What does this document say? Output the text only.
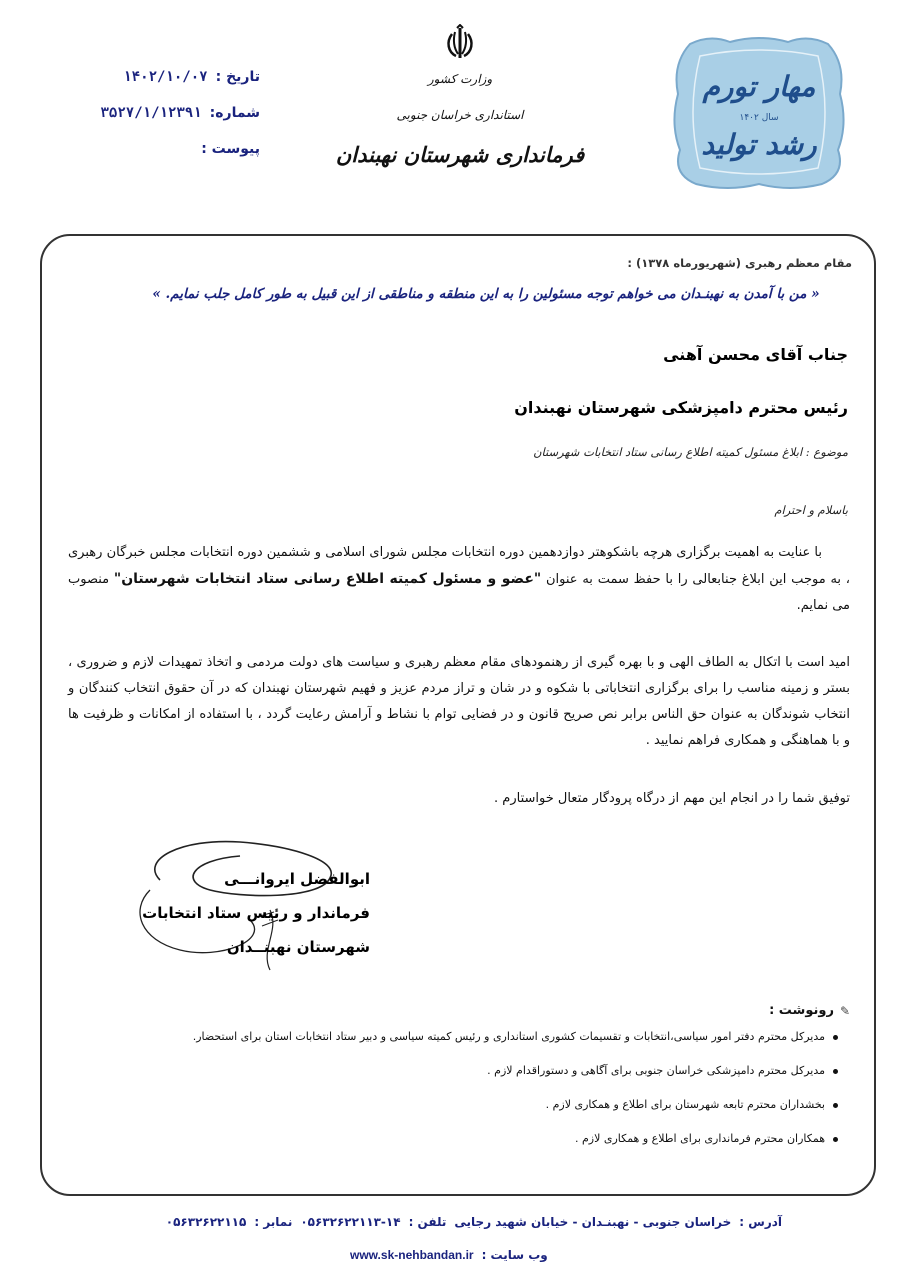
تاریخ :
۱۴۰۲/۱۰/۰۷
شماره:
۳۵۲۷/۱/۱۲۳۹۱
پیوست :
وزارت کشور
استانداری خراسان جنوبی
فرمانداری شهرستان نهبندان
مهار تورم
سال ۱۴۰۲
رشد تولید
مقام معظم رهبری (شهریورماه ۱۳۷۸) :
« من با آمدن به نهبنـدان می خواهم توجه مسئولین را به این منطقه و مناطقی از این قبیل به طور کامل جلب نمایم. »
جناب آقای محسن آهنی
رئیس محترم دامپزشکی شهرستان نهبندان
موضوع : ابلاغ مسئول کمیته اطلاع رسانی ستاد انتخابات شهرستان
باسلام و احترام
با عنایت به اهمیت برگزاری هرچه باشکوهتر دوازدهمین دوره انتخابات مجلس شورای اسلامی و ششمین دوره انتخابات مجلس خبرگان رهبری ، به موجب این ابلاغ جنابعالی را با حفظ سمت به عنوان "عضو و مسئول کمیته اطلاع رسانی ستاد انتخابات شهرستان" منصوب می نمایم.
امید است با اتکال به الطاف الهی و با بهره گیری از رهنمودهای مقام معظم رهبری و سیاست های دولت مردمی و اتخاذ تمهیدات لازم و ضروری ، بستر و زمینه مناسب را برای برگزاری انتخاباتی با شکوه و در شان و تراز مردم عزیز و فهیم شهرستان نهبندان که در آن حقوق انتخاب کنندگان و انتخاب شوندگان به عنوان حق الناس برابر نص صریح قانون و در فضایی توام با نشاط و آرامش رعایت گردد ، با استفاده از امکانات و ظرفیت ها و با هماهنگی و همکاری فراهم نمایید .
توفیق شما را در انجام این مهم از درگاه پرودگار متعال خواستارم .
ابوالفضل ایروانـــی
فرماندار و رئیس ستاد انتخابات
شهرستان نهبنــدان
✎
رونوشت :
مدیرکل محترم دفتر امور سیاسی،انتخابات و تقسیمات کشوری استانداری و رئیس کمیته سیاسی و دبیر ستاد انتخابات استان برای استحضار.
مدیرکل محترم دامپزشکی خراسان جنوبی برای آگاهی و دستوراقدام لازم .
بخشداران محترم تابعه شهرستان برای اطلاع و همکاری لازم .
همکاران محترم فرمانداری برای اطلاع و همکاری لازم .
آدرس :
خراسان جنوبی - نهبنـدان - خیابان شهید رجایی
تلفن :
۰۵۶۳۲۶۲۲۱۱۳-۱۴
نمابر :
۰۵۶۳۲۶۲۲۱۱۵
وب سایت :
www.sk-nehbandan.ir
